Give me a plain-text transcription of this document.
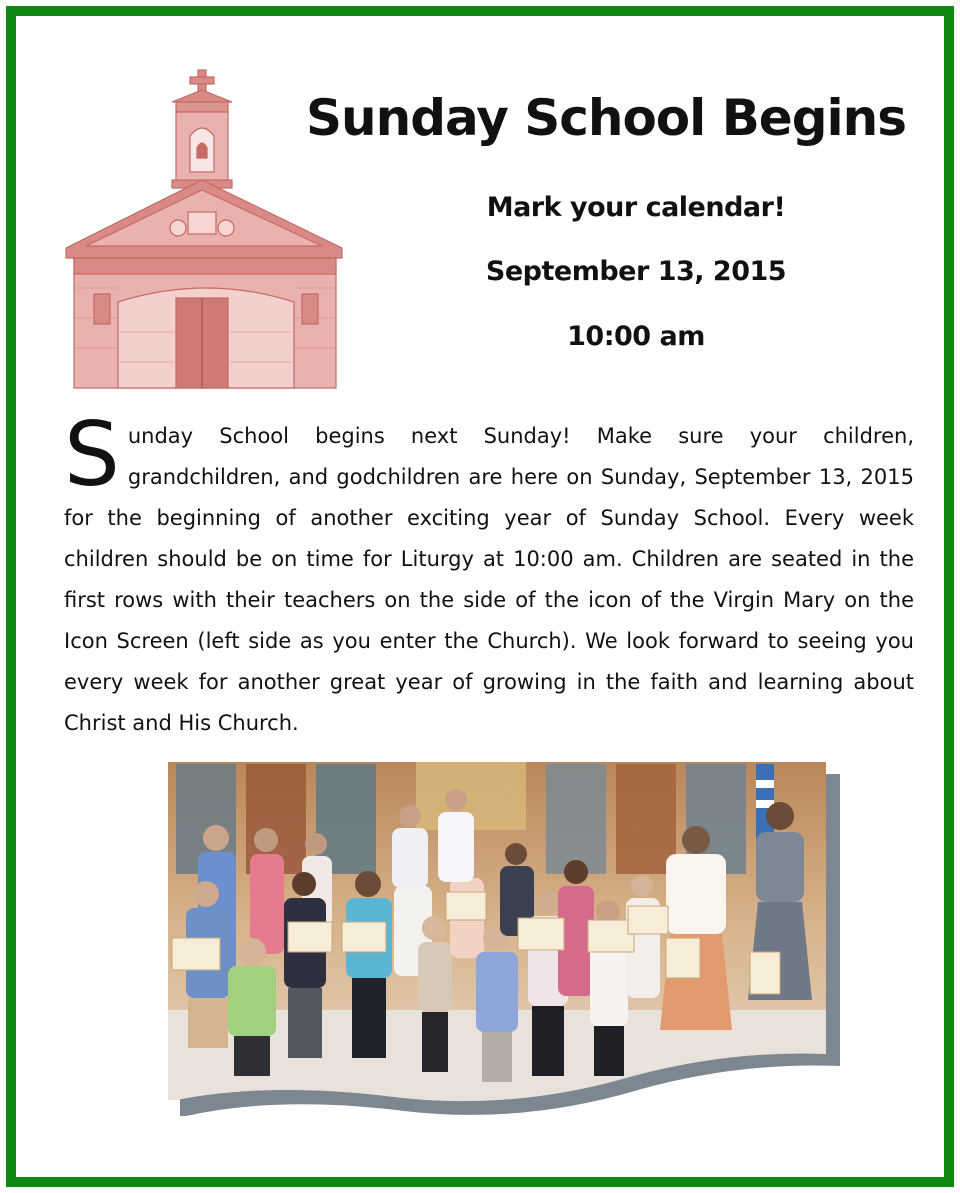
Sunday School Begins
Mark your calendar!
September 13, 2015
10:00 am

S unday School begins next Sunday! Make sure your children, grandchildren, and godchildren are here on Sunday, September 13, 2015 for the beginning of another exciting year of Sunday School. Every week children should be on time for Liturgy at 10:00 am. Children are seated in the first rows with their teachers on the side of the icon of the Virgin Mary on the Icon Screen (left side as you enter the Church). We look forward to seeing you every week for another great year of growing in the faith and learning about Christ and His Church.
